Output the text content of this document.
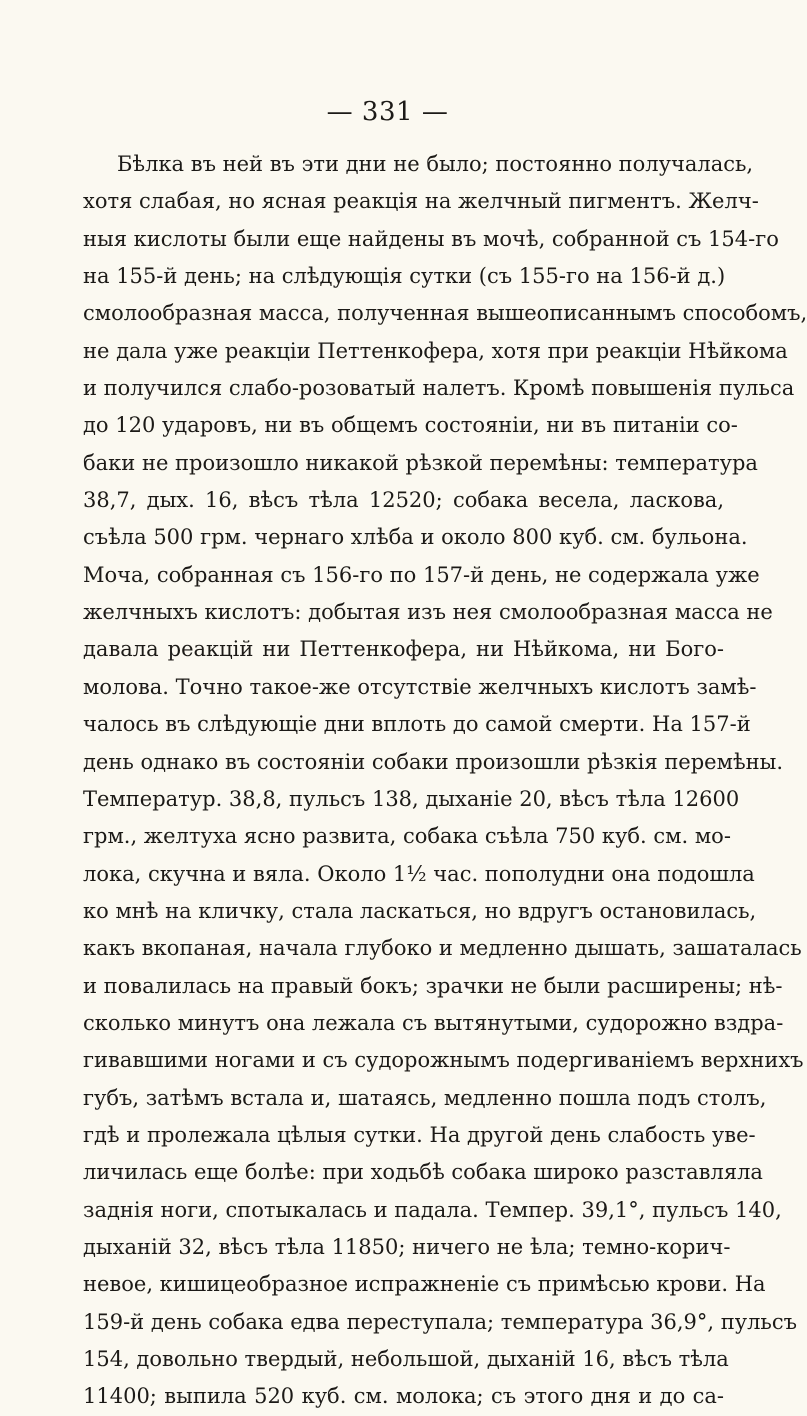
— 331 —
Бѣлка въ ней въ эти дни не было; постоянно получалась,
хотя слабая, но ясная реакція на желчный пигментъ. Желч-
ныя кислоты были еще найдены въ мочѣ, собранной съ 154-го
на 155-й день; на слѣдующія сутки (съ 155-го на 156-й д.)
смолообразная масса, полученная вышеописаннымъ способомъ,
не дала уже реакціи Петтенкофера, хотя при реакціи Нѣйкома
и получился слабо-розоватый налетъ. Кромѣ повышенія пульса
до 120 ударовъ, ни въ общемъ состояніи, ни въ питаніи со-
баки не произошло никакой рѣзкой перемѣны: температура
38,7, дых. 16, вѣсъ тѣла 12520; собака весела, ласкова,
съѣла 500 грм. чернаго хлѣба и около 800 куб. см. бульона.
Моча, собранная съ 156-го по 157-й день, не содержала уже
желчныхъ кислотъ: добытая изъ нея смолообразная масса не
давала реакцій ни Петтенкофера, ни Нѣйкома, ни Бого-
молова. Точно такое-же отсутствіе желчныхъ кислотъ замѣ-
чалось въ слѣдующіе дни вплоть до самой смерти. На 157-й
день однако въ состояніи собаки произошли рѣзкія перемѣны.
Температур. 38,8, пульсъ 138, дыханіе 20, вѣсъ тѣла 12600
грм., желтуха ясно развита, собака съѣла 750 куб. см. мо-
лока, скучна и вяла. Около 1½ час. пополудни она подошла
ко мнѣ на кличку, стала ласкаться, но вдругъ остановилась,
какъ вкопаная, начала глубоко и медленно дышать, зашаталась
и повалилась на правый бокъ; зрачки не были расширены; нѣ-
сколько минутъ она лежала съ вытянутыми, судорожно вздра-
гивавшими ногами и съ судорожнымъ подергиваніемъ верхнихъ
губъ, затѣмъ встала и, шатаясь, медленно пошла подъ столъ,
гдѣ и пролежала цѣлыя сутки. На другой день слабость уве-
личилась еще болѣе: при ходьбѣ собака широко разставляла
заднія ноги, спотыкалась и падала. Темпер. 39,1°, пульсъ 140,
дыханій 32, вѣсъ тѣла 11850; ничего не ѣла; темно-корич-
невое, кишицеобразное испражненіе съ примѣсью крови. На
159-й день собака едва переступала; температура 36,9°, пульсъ
154, довольно твердый, небольшой, дыханій 16, вѣсъ тѣла
11400; выпила 520 куб. см. молока; съ этого дня и до са-
